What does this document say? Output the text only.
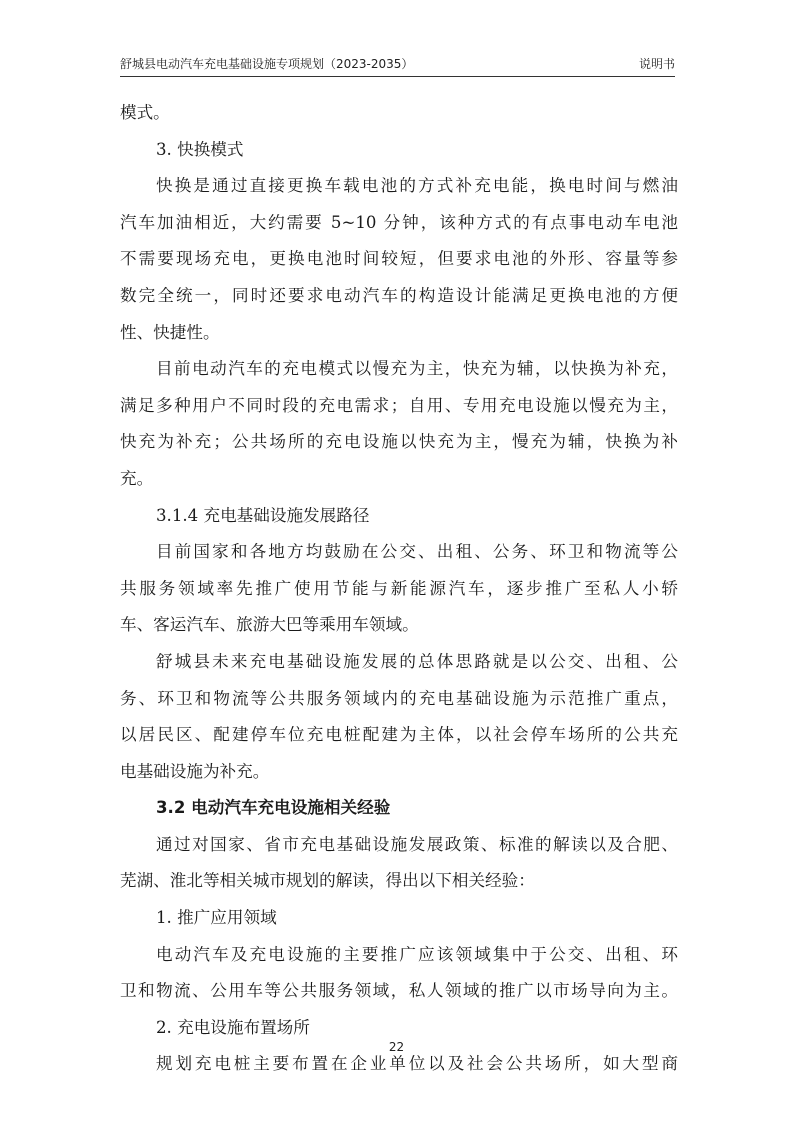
舒城县电动汽车充电基础设施专项规划（2023-2035）	说明书

模式。

3. 快换模式

快换是通过直接更换车载电池的方式补充电能，换电时间与燃油

汽车加油相近，大约需要 5~10 分钟，该种方式的有点事电动车电池

不需要现场充电，更换电池时间较短，但要求电池的外形、容量等参

数完全统一，同时还要求电动汽车的构造设计能满足更换电池的方便

性、快捷性。

目前电动汽车的充电模式以慢充为主，快充为辅，以快换为补充，

满足多种用户不同时段的充电需求；自用、专用充电设施以慢充为主，

快充为补充；公共场所的充电设施以快充为主，慢充为辅，快换为补

充。

3.1.4 充电基础设施发展路径

目前国家和各地方均鼓励在公交、出租、公务、环卫和物流等公

共服务领域率先推广使用节能与新能源汽车，逐步推广至私人小轿

车、客运汽车、旅游大巴等乘用车领域。

舒城县未来充电基础设施发展的总体思路就是以公交、出租、公

务、环卫和物流等公共服务领域内的充电基础设施为示范推广重点，

以居民区、配建停车位充电桩配建为主体，以社会停车场所的公共充

电基础设施为补充。

3.2 电动汽车充电设施相关经验

通过对国家、省市充电基础设施发展政策、标准的解读以及合肥、

芜湖、淮北等相关城市规划的解读，得出以下相关经验：

1. 推广应用领域

电动汽车及充电设施的主要推广应该领域集中于公交、出租、环

卫和物流、公用车等公共服务领域，私人领域的推广以市场导向为主。

2. 充电设施布置场所

规划充电桩主要布置在企业单位以及社会公共场所，如大型商

22
